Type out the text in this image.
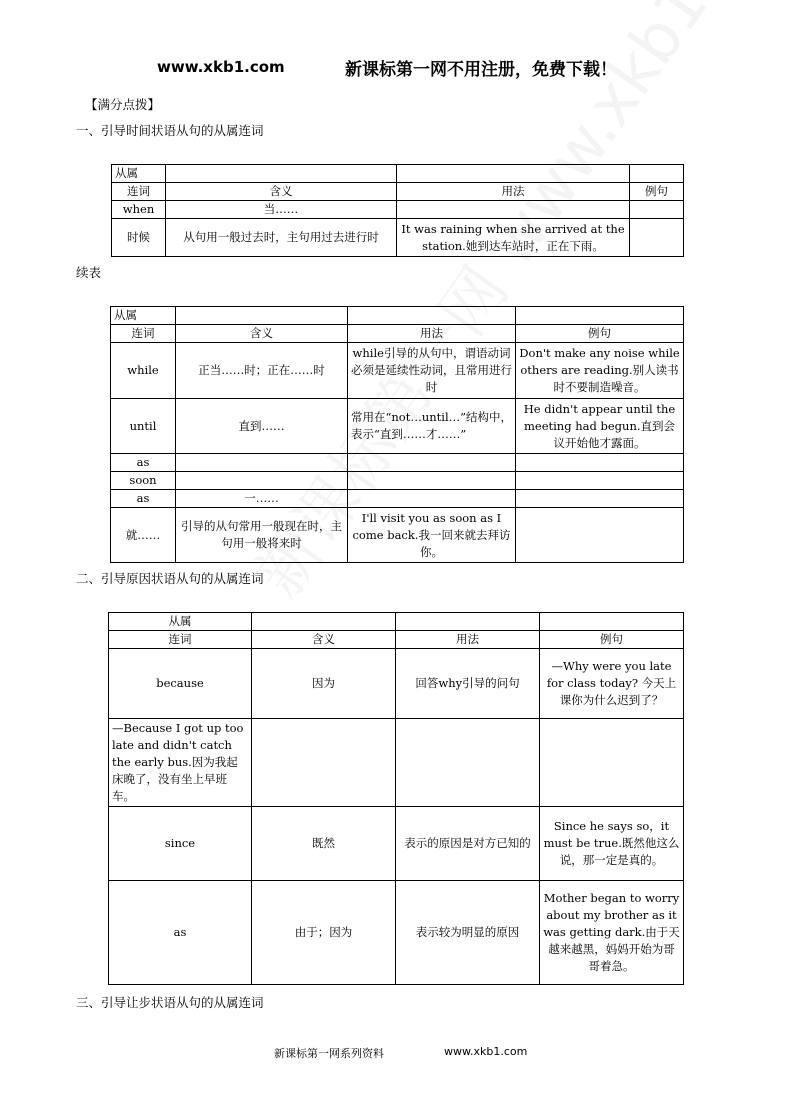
www.xkb1.com	新课标第一网不用注册，免费下载！
【满分点拨】
一、引导时间状语从句的从属连词
从属			
连词	含义	用法	例句
when	当……		
时候	从句用一般过去时，主句用过去进行时	It was raining when she arrived at the station.她到达车站时，正在下雨。	
续表
从属			
连词	含义	用法	例句
while	正当……时；正在……时	while引导的从句中，谓语动词必须是延续性动词，且常用进行时	Don't make any noise while others are reading.别人读书时不要制造噪音。
until	直到……	常用在“not…until…”结构中，表示“直到……才……”	He didn't appear until the meeting had begun.直到会议开始他才露面。
as			
soon			
as	一……		
就……	引导的从句常用一般现在时，主句用一般将来时	I'll visit you as soon as I come back.我一回来就去拜访你。	
二、引导原因状语从句的从属连词
从属			
连词	含义	用法	例句
because	因为	回答why引导的问句	—Why were you late for class today? 今天上课你为什么迟到了？
—Because I got up too late and didn't catch the early bus.因为我起床晚了，没有坐上早班车。			
since	既然	表示的原因是对方已知的	Since he says so，it must be true.既然他这么说，那一定是真的。
as	由于；因为	表示较为明显的原因	Mother began to worry about my brother as it was getting dark.由于天越来越黑，妈妈开始为哥哥着急。
三、引导让步状语从句的从属连词
新课标第一网系列资料	www.xkb1.com
